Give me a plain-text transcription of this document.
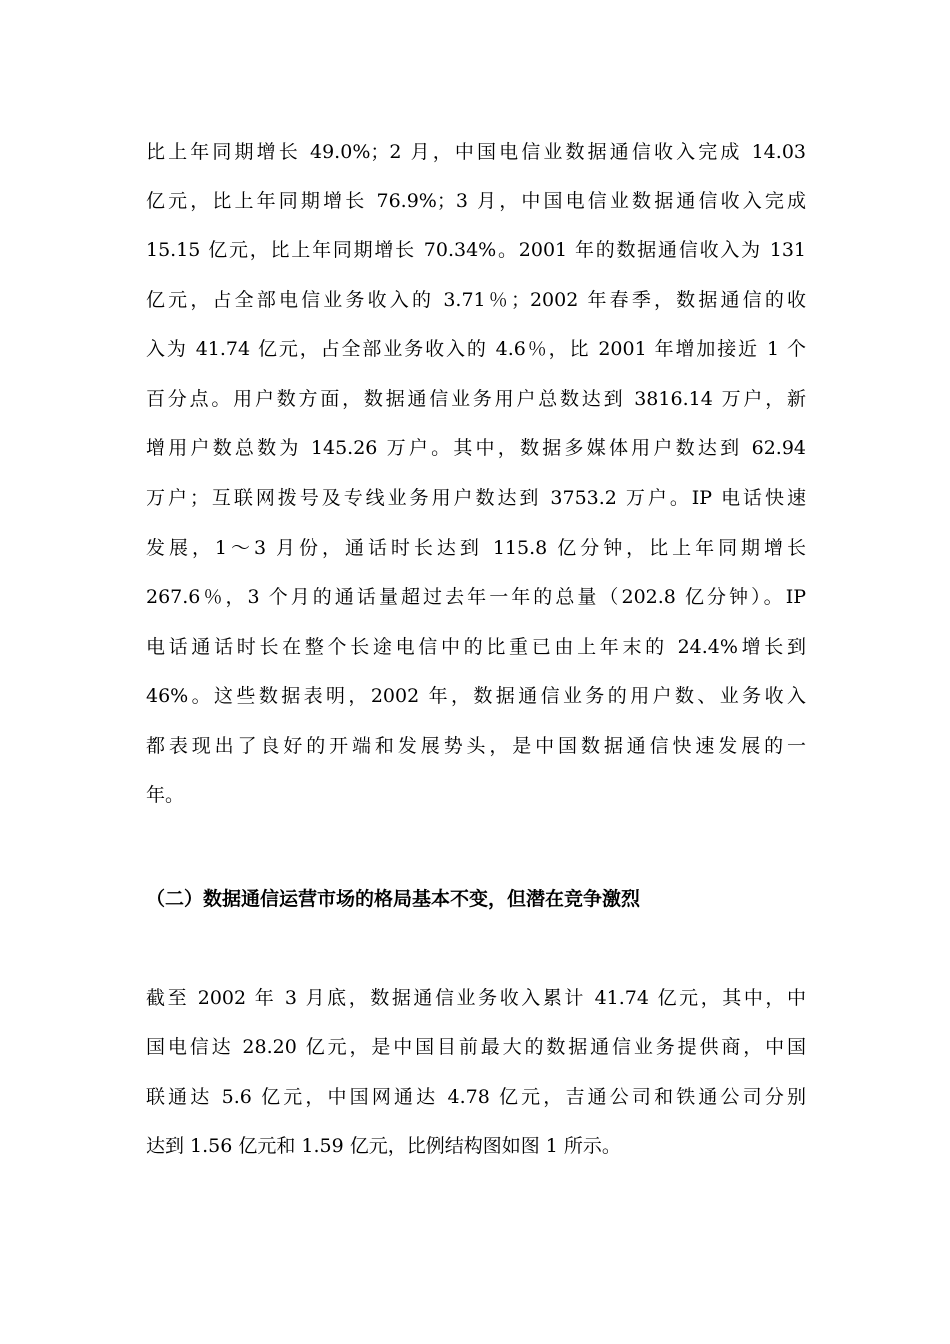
比上年同期增长 49.0%；2 月，中国电信业数据通信收入完成 14.03
亿元，比上年同期增长 76.9%；3 月，中国电信业数据通信收入完成
15.15 亿元，比上年同期增长 70.34%。2001 年的数据通信收入为 131
亿元，占全部电信业务收入的 3.71％；2002 年春季，数据通信的收
入为 41.74 亿元，占全部业务收入的 4.6％，比 2001 年增加接近 1 个
百分点。用户数方面，数据通信业务用户总数达到 3816.14 万户，新
增用户数总数为 145.26 万户。其中，数据多媒体用户数达到 62.94
万户；互联网拨号及专线业务用户数达到 3753.2 万户。IP 电话快速
发展，1～3 月份，通话时长达到 115.8 亿分钟，比上年同期增长
267.6％，3 个月的通话量超过去年一年的总量（202.8 亿分钟）。IP
电话通话时长在整个长途电信中的比重已由上年末的 24.4%增长到
46%。这些数据表明，2002 年，数据通信业务的用户数、业务收入
都表现出了良好的开端和发展势头，是中国数据通信快速发展的一
年。
（二）数据通信运营市场的格局基本不变，但潜在竞争激烈
截至 2002 年 3 月底，数据通信业务收入累计 41.74 亿元，其中，中
国电信达 28.20 亿元，是中国目前最大的数据通信业务提供商，中国
联通达 5.6 亿元，中国网通达 4.78 亿元，吉通公司和铁通公司分别
达到 1.56 亿元和 1.59 亿元，比例结构图如图 1 所示。
